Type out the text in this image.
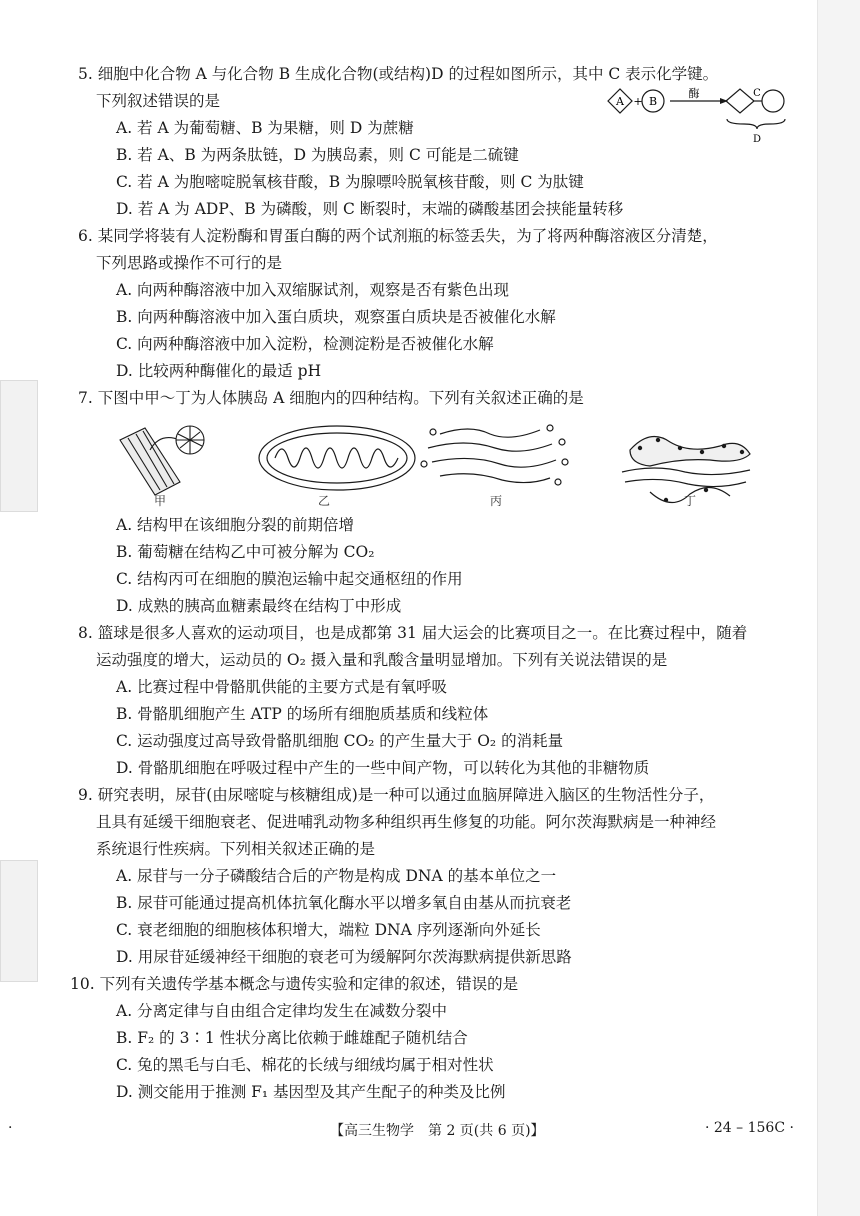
5. 细胞中化合物 A 与化合物 B 生成化合物(或结构)D 的过程如图所示，其中 C 表示化学键。
下列叙述错误的是
A. 若 A 为葡萄糖、B 为果糖，则 D 为蔗糖
B. 若 A、B 为两条肽链，D 为胰岛素，则 C 可能是二硫键
C. 若 A 为胞嘧啶脱氧核苷酸，B 为腺嘌呤脱氧核苷酸，则 C 为肽键
D. 若 A 为 ADP、B 为磷酸，则 C 断裂时，末端的磷酸基团会挟能量转移
A + B
酶	C
D
6. 某同学将装有人淀粉酶和胃蛋白酶的两个试剂瓶的标签丢失，为了将两种酶溶液区分清楚，
下列思路或操作不可行的是
A. 向两种酶溶液中加入双缩脲试剂，观察是否有紫色出现
B. 向两种酶溶液中加入蛋白质块，观察蛋白质块是否被催化水解
C. 向两种酶溶液中加入淀粉，检测淀粉是否被催化水解
D. 比较两种酶催化的最适 pH
7. 下图中甲～丁为人体胰岛 A 细胞内的四种结构。下列有关叙述正确的是
甲	乙	丙	丁
A. 结构甲在该细胞分裂的前期倍增
B. 葡萄糖在结构乙中可被分解为 CO₂
C. 结构丙可在细胞的膜泡运输中起交通枢纽的作用
D. 成熟的胰高血糖素最终在结构丁中形成
8. 篮球是很多人喜欢的运动项目，也是成都第 31 届大运会的比赛项目之一。在比赛过程中，随着
运动强度的增大，运动员的 O₂ 摄入量和乳酸含量明显增加。下列有关说法错误的是
A. 比赛过程中骨骼肌供能的主要方式是有氧呼吸
B. 骨骼肌细胞产生 ATP 的场所有细胞质基质和线粒体
C. 运动强度过高导致骨骼肌细胞 CO₂ 的产生量大于 O₂ 的消耗量
D. 骨骼肌细胞在呼吸过程中产生的一些中间产物，可以转化为其他的非糖物质
9. 研究表明，尿苷(由尿嘧啶与核糖组成)是一种可以通过血脑屏障进入脑区的生物活性分子，
且具有延缓干细胞衰老、促进哺乳动物多种组织再生修复的功能。阿尔茨海默病是一种神经
系统退行性疾病。下列相关叙述正确的是
A. 尿苷与一分子磷酸结合后的产物是构成 DNA 的基本单位之一
B. 尿苷可能通过提高机体抗氧化酶水平以增多氧自由基从而抗衰老
C. 衰老细胞的细胞核体积增大，端粒 DNA 序列逐渐向外延长
D. 用尿苷延缓神经干细胞的衰老可为缓解阿尔茨海默病提供新思路
10. 下列有关遗传学基本概念与遗传实验和定律的叙述，错误的是
A. 分离定律与自由组合定律均发生在减数分裂中
B. F₂ 的 3∶1 性状分离比依赖于雌雄配子随机结合
C. 兔的黑毛与白毛、棉花的长绒与细绒均属于相对性状
D. 测交能用于推测 F₁ 基因型及其产生配子的种类及比例
·	【高三生物学　第 2 页(共 6 页)】	· 24 – 156C ·
